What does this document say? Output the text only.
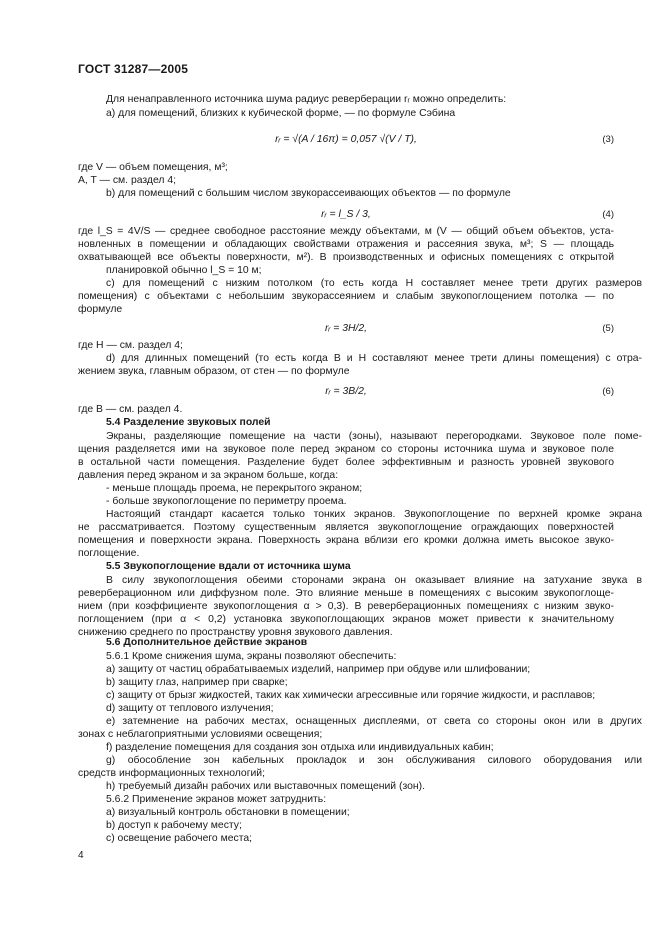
ГОСТ 31287—2005
Для ненаправленного источника шума радиус реверберации rᵣ можно определить:
а) для помещений, близких к кубической форме, — по формуле Сэбина
где V — объем помещения, м³;
A, T — см. раздел 4;
b) для помещений с большим числом звукорассеивающих объектов — по формуле
где l_S = 4V/S — среднее свободное расстояние между объектами, м (V — общий объем объектов, уста-
новленных в помещении и обладающих свойствами отражения и рассеяния звука, м³; S — площадь
охватывающей все объекты поверхности, м²). В производственных и офисных помещениях с открытой
планировкой обычно l_S = 10 м;
с) для помещений с низким потолком (то есть когда H составляет менее трети других размеров
помещения) с объектами с небольшим звукорассеянием и слабым звукопоглощением потолка — по
формуле
где H — см. раздел 4;
d) для длинных помещений (то есть когда B и H составляют менее трети длины помещения) с отра-
жением звука, главным образом, от стен — по формуле
где B — см. раздел 4.
5.4 Разделение звуковых полей
Экраны, разделяющие помещение на части (зоны), называют перегородками. Звуковое поле поме-
щения разделяется ими на звуковое поле перед экраном со стороны источника шума и звуковое поле
в остальной части помещения. Разделение будет более эффективным и разность уровней звукового
давления перед экраном и за экраном больше, когда:
- меньше площадь проема, не перекрытого экраном;
- больше звукопоглощение по периметру проема.
Настоящий стандарт касается только тонких экранов. Звукопоглощение по верхней кромке экрана
не рассматривается. Поэтому существенным является звукопоглощение ограждающих поверхностей
помещения и поверхности экрана. Поверхность экрана вблизи его кромки должна иметь высокое звуко-
поглощение.
5.5 Звукопоглощение вдали от источника шума
В силу звукопоглощения обеими сторонами экрана он оказывает влияние на затухание звука в
реверберационном или диффузном поле. Это влияние меньше в помещениях с высоким звукопоглоще-
нием (при коэффициенте звукопоглощения α > 0,3). В реверберационных помещениях с низким звуко-
поглощением (при α < 0,2) установка звукопоглощающих экранов может привести к значительному
снижению среднего по пространству уровня звукового давления.
5.6 Дополнительное действие экранов
5.6.1 Кроме снижения шума, экраны позволяют обеспечить:
а) защиту от частиц обрабатываемых изделий, например при обдуве или шлифовании;
b) защиту глаз, например при сварке;
с) защиту от брызг жидкостей, таких как химически агрессивные или горячие жидкости, и расплавов;
d) защиту от теплового излучения;
е) затемнение на рабочих местах, оснащенных дисплеями, от света со стороны окон или в других
зонах с неблагоприятными условиями освещения;
f) разделение помещения для создания зон отдыха или индивидуальных кабин;
g) обособление зон кабельных прокладок и зон обслуживания силового оборудования или
средств информационных технологий;
h) требуемый дизайн рабочих или выставочных помещений (зон).
5.6.2 Применение экранов может затруднить:
а) визуальный контроль обстановки в помещении;
b) доступ к рабочему месту;
с) освещение рабочего места;
rᵣ = √(A / 16π) = 0,057 √(V / T),	(3)
rᵣ = l_S / 3,	(4)
rᵣ = 3H/2,	(5)
rᵣ = 3B/2,	(6)
4
